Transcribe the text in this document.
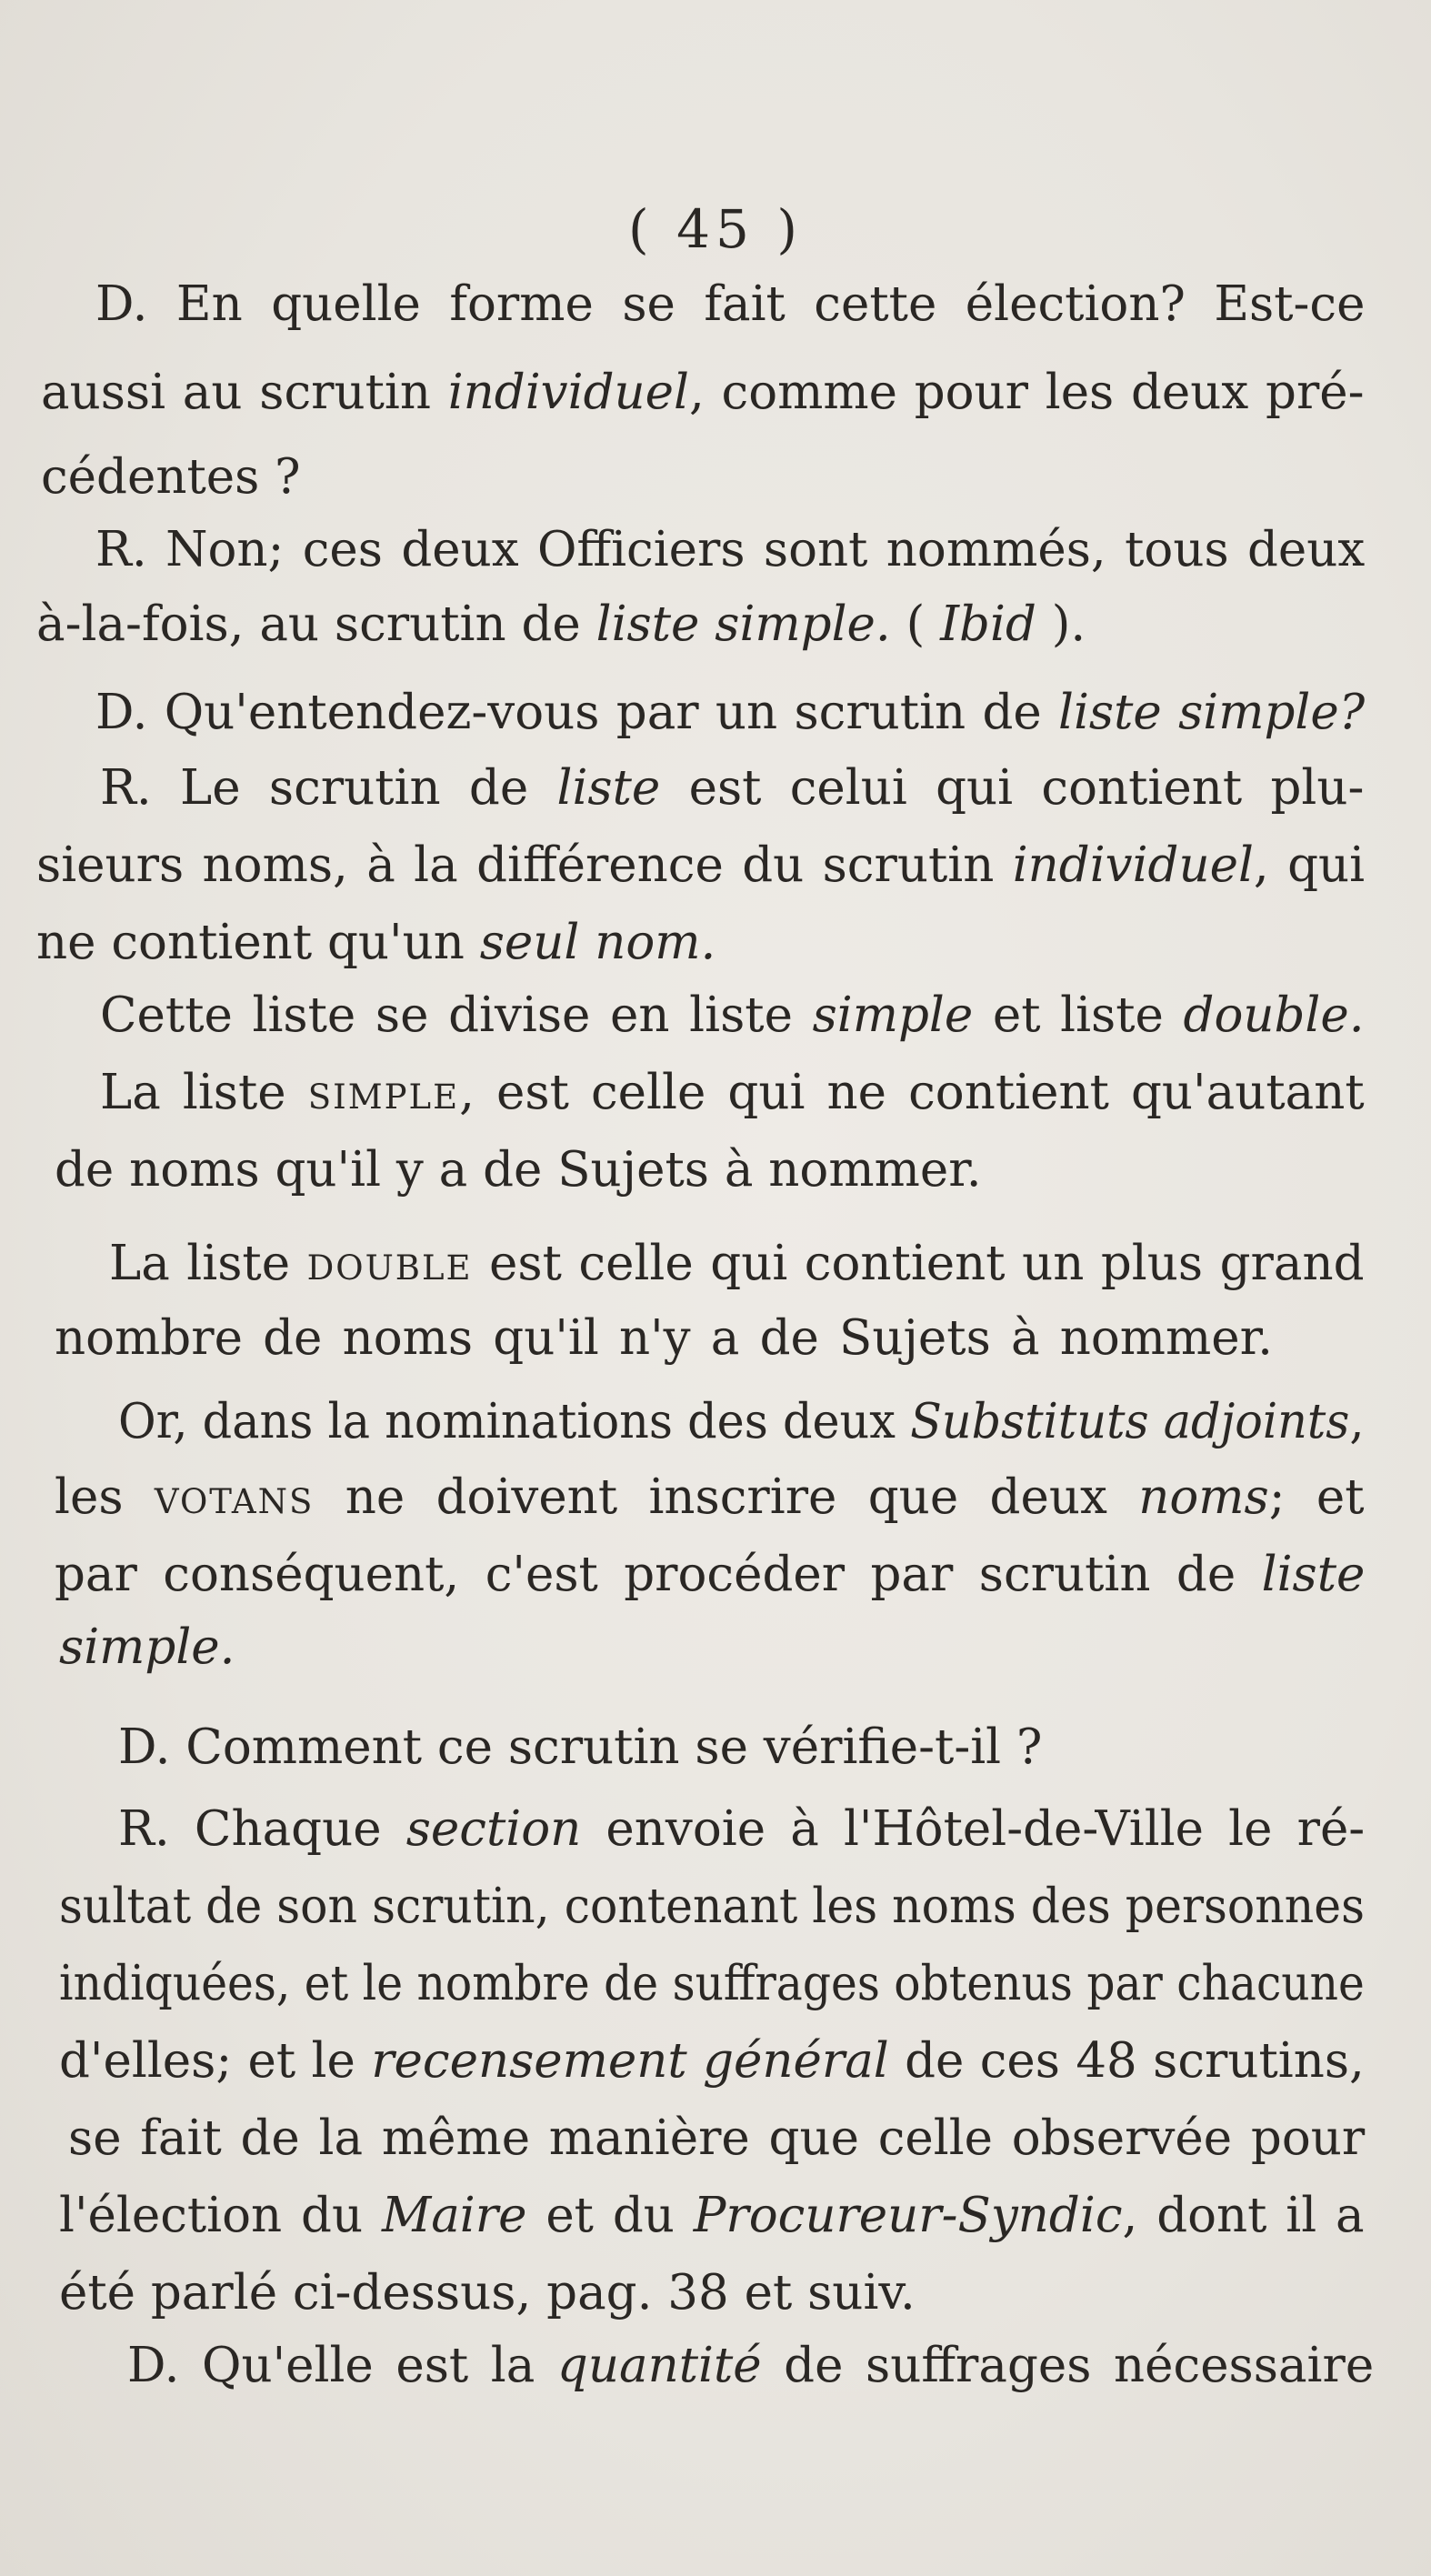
( 45 )
D. En quelle forme se fait cette élection? Est-ce
aussi au scrutin individuel, comme pour les deux pré-
cédentes ?
R. Non; ces deux Officiers sont nommés, tous deux
à-la-fois, au scrutin de liste simple. ( Ibid ).
D. Qu'entendez-vous par un scrutin de liste simple?
R. Le scrutin de liste est celui qui contient plu-
sieurs noms, à la différence du scrutin individuel, qui
ne contient qu'un seul nom.
Cette liste se divise en liste simple et liste double.
La liste simple, est celle qui ne contient qu'autant
de noms qu'il y a de Sujets à nommer.
La liste double est celle qui contient un plus grand
nombre de noms qu'il n'y a de Sujets à nommer.
Or, dans la nominations des deux Substituts adjoints,
les votans ne doivent inscrire que deux noms; et
par conséquent, c'est procéder par scrutin de liste
simple.
D. Comment ce scrutin se vérifie-t-il ?
R. Chaque section envoie à l'Hôtel-de-Ville le ré-
sultat de son scrutin, contenant les noms des personnes
indiquées, et le nombre de suffrages obtenus par chacune
d'elles; et le recensement général de ces 48 scrutins,
se fait de la même manière que celle observée pour
l'élection du Maire et du Procureur-Syndic, dont il a
été parlé ci-dessus, pag. 38 et suiv.
D. Qu'elle est la quantité de suffrages nécessaire
